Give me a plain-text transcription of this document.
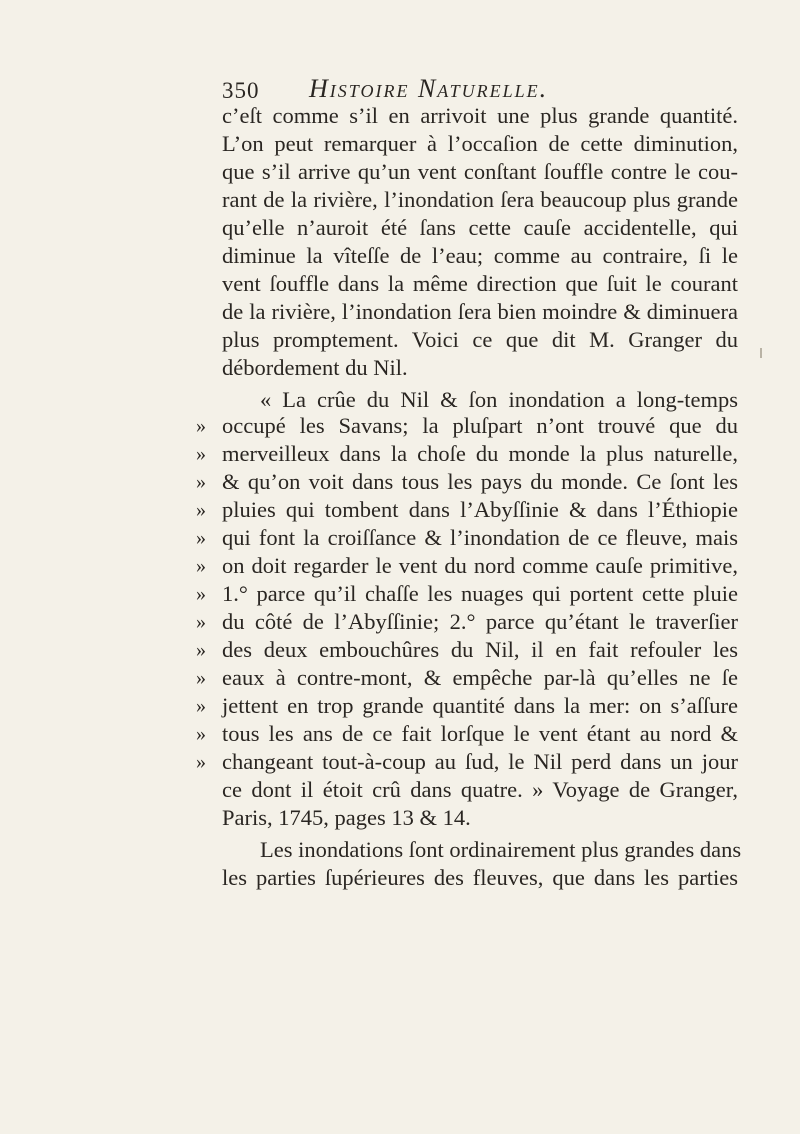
350 Histoire Naturelle.
c’eſt comme s’il en arrivoit une plus grande quantité.
L’on peut remarquer à l’occaſion de cette diminution,
que s’il arrive qu’un vent conſtant ſouffle contre le cou-
rant de la rivière, l’inondation ſera beaucoup plus grande
qu’elle n’auroit été ſans cette cauſe accidentelle, qui
diminue la vîteſſe de l’eau; comme au contraire, ſi le
vent ſouffle dans la même direction que ſuit le courant
de la rivière, l’inondation ſera bien moindre & diminuera
plus promptement. Voici ce que dit M. Granger du
débordement du Nil.
« La crûe du Nil & ſon inondation a long-temps
» occupé les Savans; la pluſpart n’ont trouvé que du
» merveilleux dans la choſe du monde la plus naturelle,
» & qu’on voit dans tous les pays du monde. Ce ſont les
» pluies qui tombent dans l’Abyſſinie & dans l’Éthiopie
» qui font la croiſſance & l’inondation de ce fleuve, mais
» on doit regarder le vent du nord comme cauſe primitive,
» 1.° parce qu’il chaſſe les nuages qui portent cette pluie
» du côté de l’Abyſſinie; 2.° parce qu’étant le traverſier
» des deux embouchûres du Nil, il en fait refouler les
» eaux à contre-mont, & empêche par-là qu’elles ne ſe
» jettent en trop grande quantité dans la mer: on s’aſſure
» tous les ans de ce fait lorſque le vent étant au nord &
» changeant tout-à-coup au ſud, le Nil perd dans un jour
ce dont il étoit crû dans quatre. » Voyage de Granger,
Paris, 1745, pages 13 & 14.
Les inondations ſont ordinairement plus grandes dans
les parties ſupérieures des fleuves, que dans les parties
